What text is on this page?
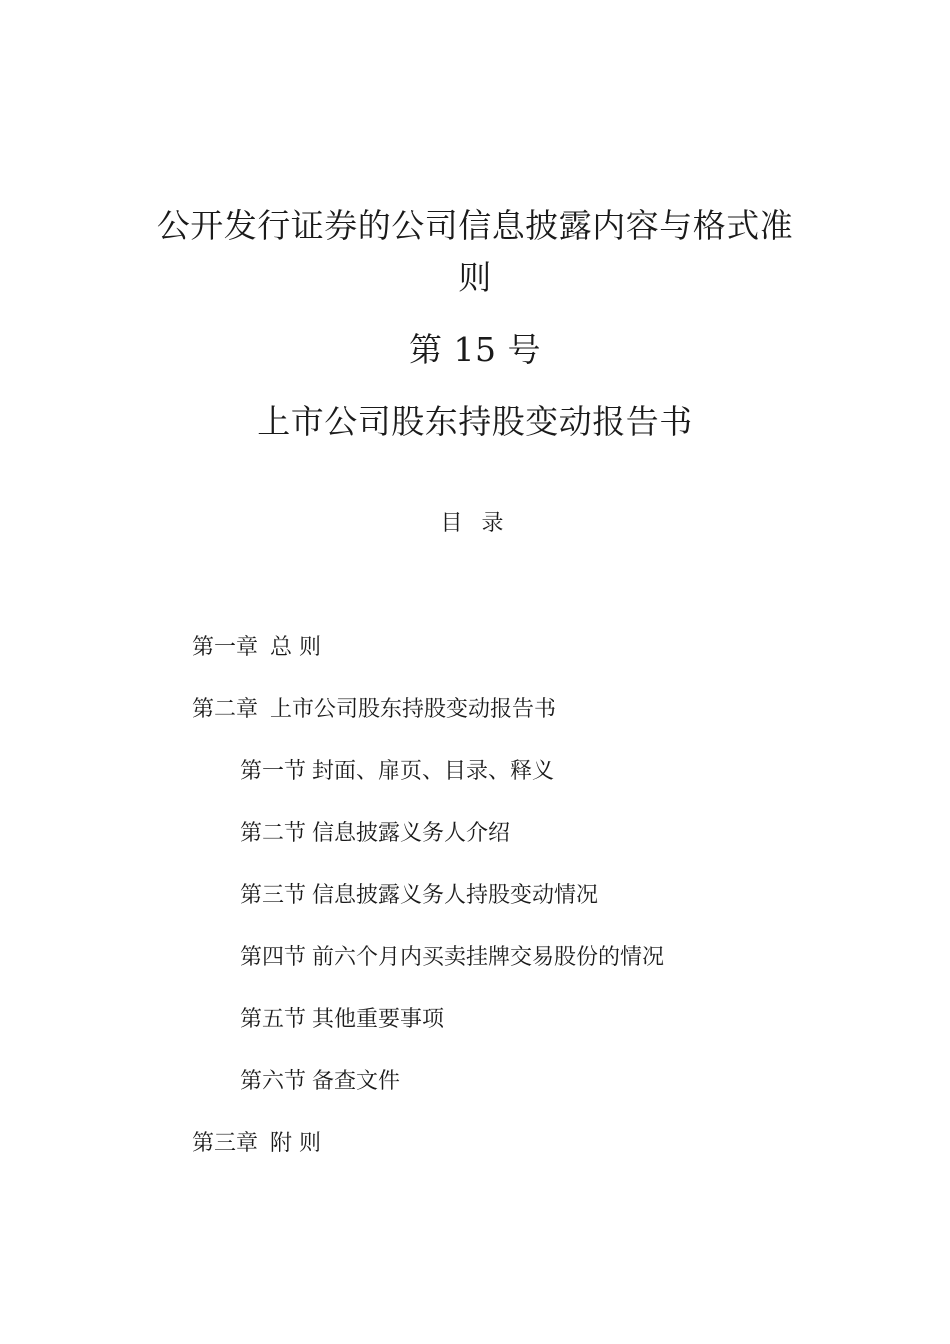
公开发行证券的公司信息披露内容与格式准
则
第 15 号
上市公司股东持股变动报告书
目 录
第一章 总 则
第二章 上市公司股东持股变动报告书
第一节 封面、扉页、目录、释义
第二节 信息披露义务人介绍
第三节 信息披露义务人持股变动情况
第四节 前六个月内买卖挂牌交易股份的情况
第五节 其他重要事项
第六节 备查文件
第三章 附 则
